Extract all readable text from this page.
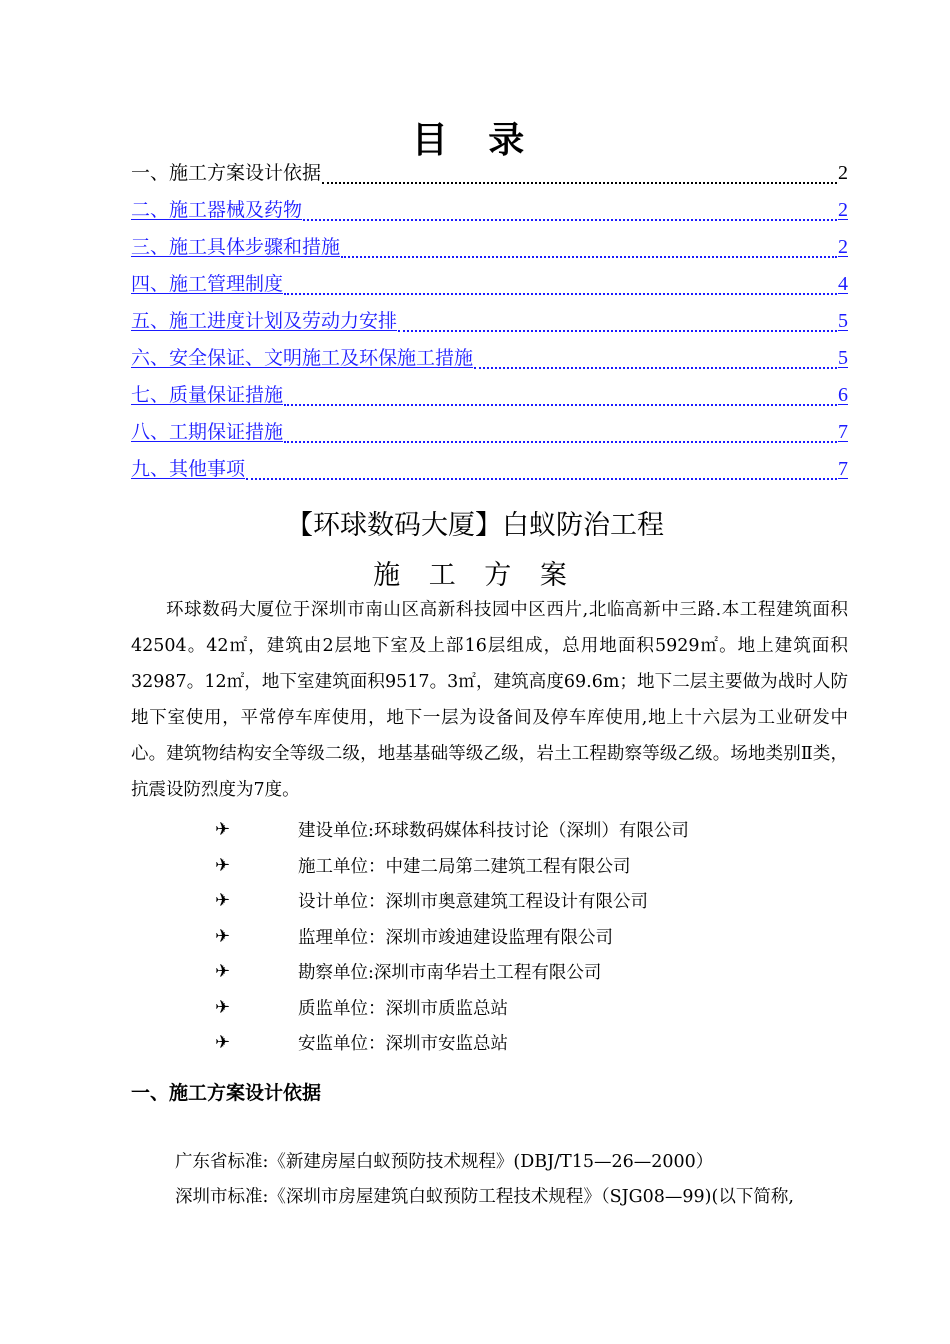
目 录
一、施工方案设计依据	2
二、施工器械及药物	2
三、施工具体步骤和措施	2
四、施工管理制度	4
五、施工进度计划及劳动力安排	5
六、安全保证、文明施工及环保施工措施	5
七、质量保证措施	6
八、工期保证措施	7
九、其他事项	7
【环球数码大厦】白蚁防治工程
施 工 方 案

环球数码大厦位于深圳市南山区高新科技园中区西片,北临高新中三路.本工程建筑面积42504。42㎡，建筑由2层地下室及上部16层组成，总用地面积5929㎡。地上建筑面积32987。12㎡，地下室建筑面积9517。3㎡，建筑高度69.6m；地下二层主要做为战时人防地下室使用，平常停车库使用，地下一层为设备间及停车库使用,地上十六层为工业研发中心。建筑物结构安全等级二级，地基基础等级乙级，岩土工程勘察等级乙级。场地类别Ⅱ类，抗震设防烈度为7度。

✈	建设单位:环球数码媒体科技讨论（深圳）有限公司
✈	施工单位：中建二局第二建筑工程有限公司
✈	设计单位：深圳市奥意建筑工程设计有限公司
✈	监理单位：深圳市竣迪建设监理有限公司
✈	勘察单位:深圳市南华岩土工程有限公司
✈	质监单位：深圳市质监总站
✈	安监单位：深圳市安监总站
一、施工方案设计依据
广东省标准:《新建房屋白蚁预防技术规程》(DBJ/T15—26—2000）
深圳市标准:《深圳市房屋建筑白蚁预防工程技术规程》（SJG08—99)(以下简称,
